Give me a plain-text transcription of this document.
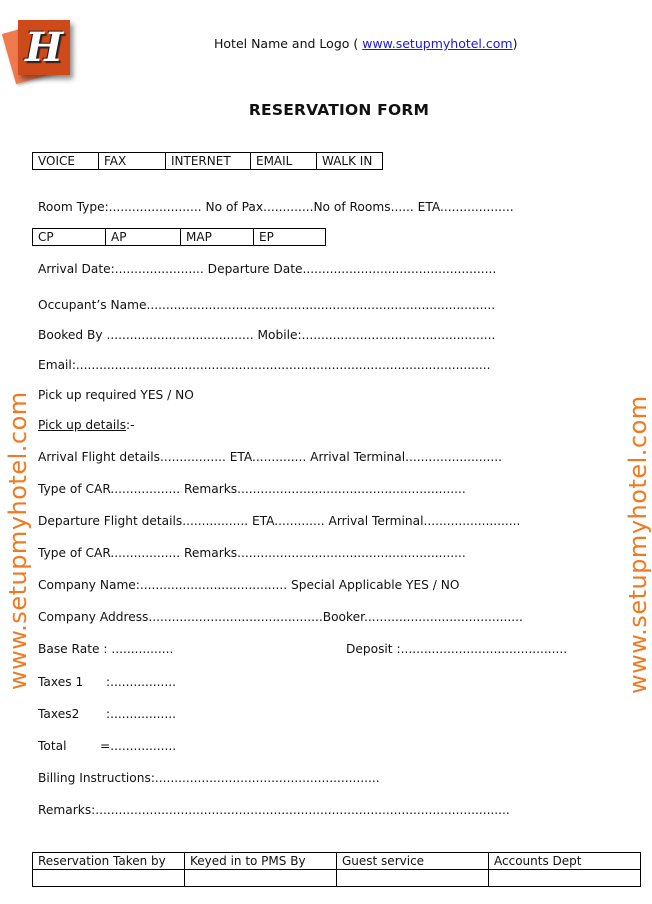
H	Hotel Name and Logo ( www.setupmyhotel.com)
RESERVATION FORM
VOICE	FAX	INTERNET	EMAIL	WALK IN
Room Type:........................ No of Pax.............No of Rooms...... ETA...................
CP	AP	MAP	EP
Arrival Date:....................... Departure Date..................................................
Occupant’s Name..........................................................................................
Booked By ...................................... Mobile:..................................................
Email:...........................................................................................................
Pick up required YES / NO
Pick up details:-
Arrival Flight details................. ETA.............. Arrival Terminal.........................
Type of CAR.................. Remarks...........................................................
Departure Flight details................. ETA............. Arrival Terminal.........................
Type of CAR.................. Remarks...........................................................
Company Name:...................................... Special Applicable YES / NO
Company Address.............................................Booker.........................................
Base Rate : ................	Deposit :...........................................
Taxes 1 :.................
Taxes2 :.................
Total	=.................
Billing Instructions:..........................................................
Remarks:...........................................................................................................
Reservation Taken by	Keyed in to PMS By	Guest service	Accounts Dept

www.setupmyhotel.com	www.setupmyhotel.com
